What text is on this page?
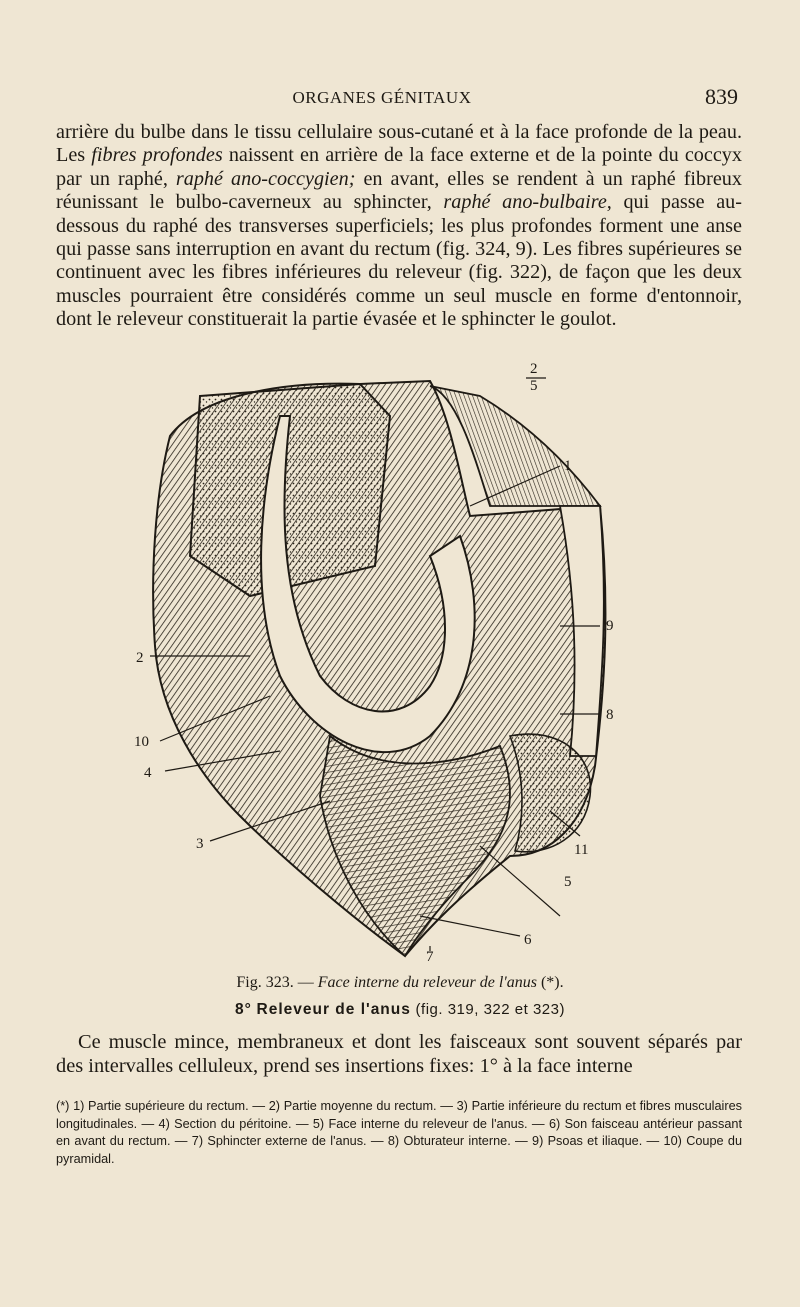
ORGANES GÉNITAUX	839

arrière du bulbe dans le tissu cellulaire sous-cutané et à la face profonde de la peau. Les fibres profondes naissent en arrière de la face externe et de la pointe du coccyx par un raphé, raphé ano-coccygien; en avant, elles se rendent à un raphé fibreux réunissant le bulbo-caverneux au sphincter, raphé ano-bulbaire, qui passe au-dessous du raphé des transverses superficiels; les plus profondes forment une anse qui passe sans interruption en avant du rectum (fig. 324, 9). Les fibres supérieures se continuent avec les fibres inférieures du releveur (fig. 322), de façon que les deux muscles pourraient être considérés comme un seul muscle en forme d'entonnoir, dont le releveur constituerait la partie évasée et le sphincter le goulot.

2
5
1
2
10
4
3
9
8
11
5
6
7
Fig. 323. — Face interne du releveur de l'anus (*).
8° Releveur de l'anus (fig. 319, 322 et 323)

Ce muscle mince, membraneux et dont les faisceaux sont souvent séparés par des intervalles celluleux, prend ses insertions fixes: 1° à la face interne

(*) 1) Partie supérieure du rectum. — 2) Partie moyenne du rectum. — 3) Partie inférieure du rectum et fibres musculaires longitudinales. — 4) Section du péritoine. — 5) Face interne du releveur de l'anus. — 6) Son faisceau antérieur passant en avant du rectum. — 7) Sphincter externe de l'anus. — 8) Obturateur interne. — 9) Psoas et iliaque. — 10) Coupe du pyramidal.
